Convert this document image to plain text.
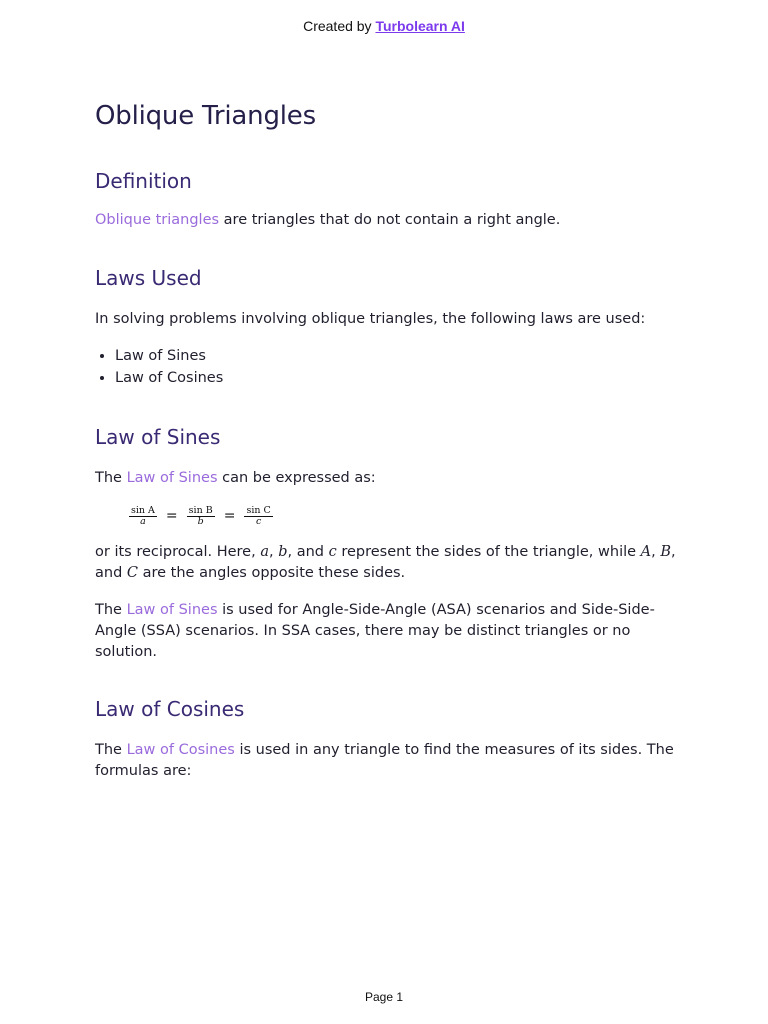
Created by Turbolearn AI
Oblique Triangles
Definition

Oblique triangles are triangles that do not contain a right angle.

Laws Used

In solving problems involving oblique triangles, the following laws are used:

• Law of Sines
• Law of Cosines
Law of Sines

The Law of Sines can be expressed as:

$\frac{\text{sin A}}{a} = \frac{\text{sin B}}{b} = \frac{\text{sin C}}{c}$

or its reciprocal. Here, a, b, and c represent the sides of the triangle, while A, B, and C are the angles opposite these sides.

The Law of Sines is used for Angle-Side-Angle (ASA) scenarios and Side-Side-Angle (SSA) scenarios. In SSA cases, there may be distinct triangles or no solution.

Law of Cosines

The Law of Cosines is used in any triangle to find the measures of its sides. The formulas are:

Page 1
